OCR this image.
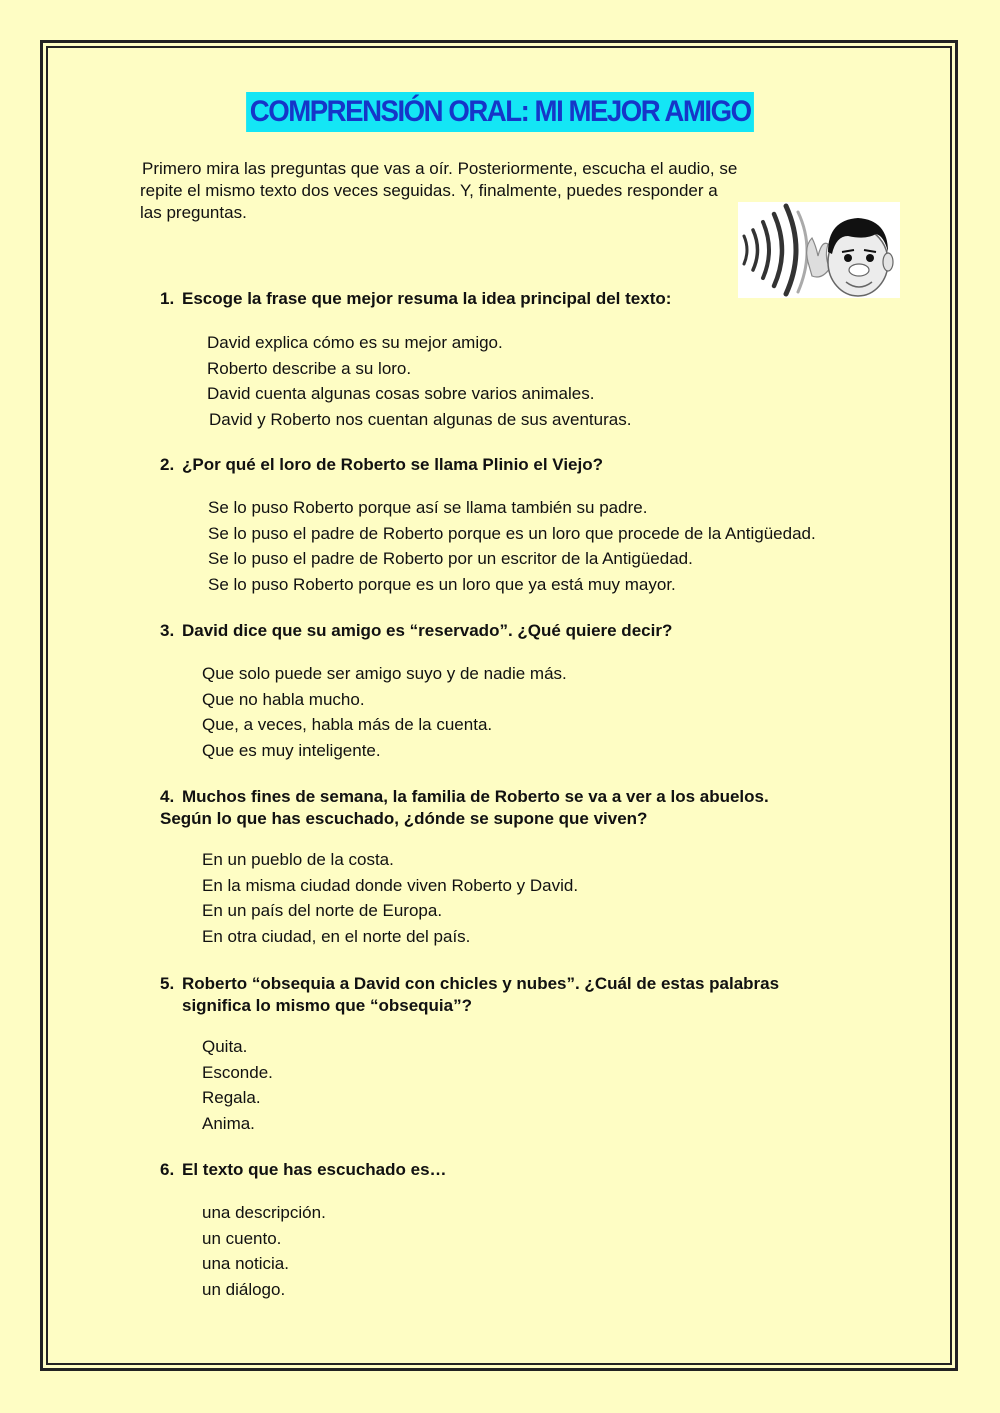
COMPRENSIÓN ORAL: MI MEJOR AMIGO
Primero mira las preguntas que vas a oír. Posteriormente, escucha el audio, se
repite el mismo texto dos veces seguidas. Y, finalmente, puedes responder a
las preguntas.
1. Escoge la frase que mejor resuma la idea principal del texto:
David explica cómo es su mejor amigo.
Roberto describe a su loro.
David cuenta algunas cosas sobre varios animales.
David y Roberto nos cuentan algunas de sus aventuras.
2. ¿Por qué el loro de Roberto se llama Plinio el Viejo?
Se lo puso Roberto porque así se llama también su padre.
Se lo puso el padre de Roberto porque es un loro que procede de la Antigüedad.
Se lo puso el padre de Roberto por un escritor de la Antigüedad.
Se lo puso Roberto porque es un loro que ya está muy mayor.
3. David dice que su amigo es “reservado”. ¿Qué quiere decir?
Que solo puede ser amigo suyo y de nadie más.
Que no habla mucho.
Que, a veces, habla más de la cuenta.
Que es muy inteligente.
4. Muchos fines de semana, la familia de Roberto se va a ver a los abuelos.
Según lo que has escuchado, ¿dónde se supone que viven?
En un pueblo de la costa.
En la misma ciudad donde viven Roberto y David.
En un país del norte de Europa.
En otra ciudad, en el norte del país.
5. Roberto “obsequia a David con chicles y nubes”. ¿Cuál de estas palabras
significa lo mismo que “obsequia”?
Quita.
Esconde.
Regala.
Anima.
6. El texto que has escuchado es…
una descripción.
un cuento.
una noticia.
un diálogo.
